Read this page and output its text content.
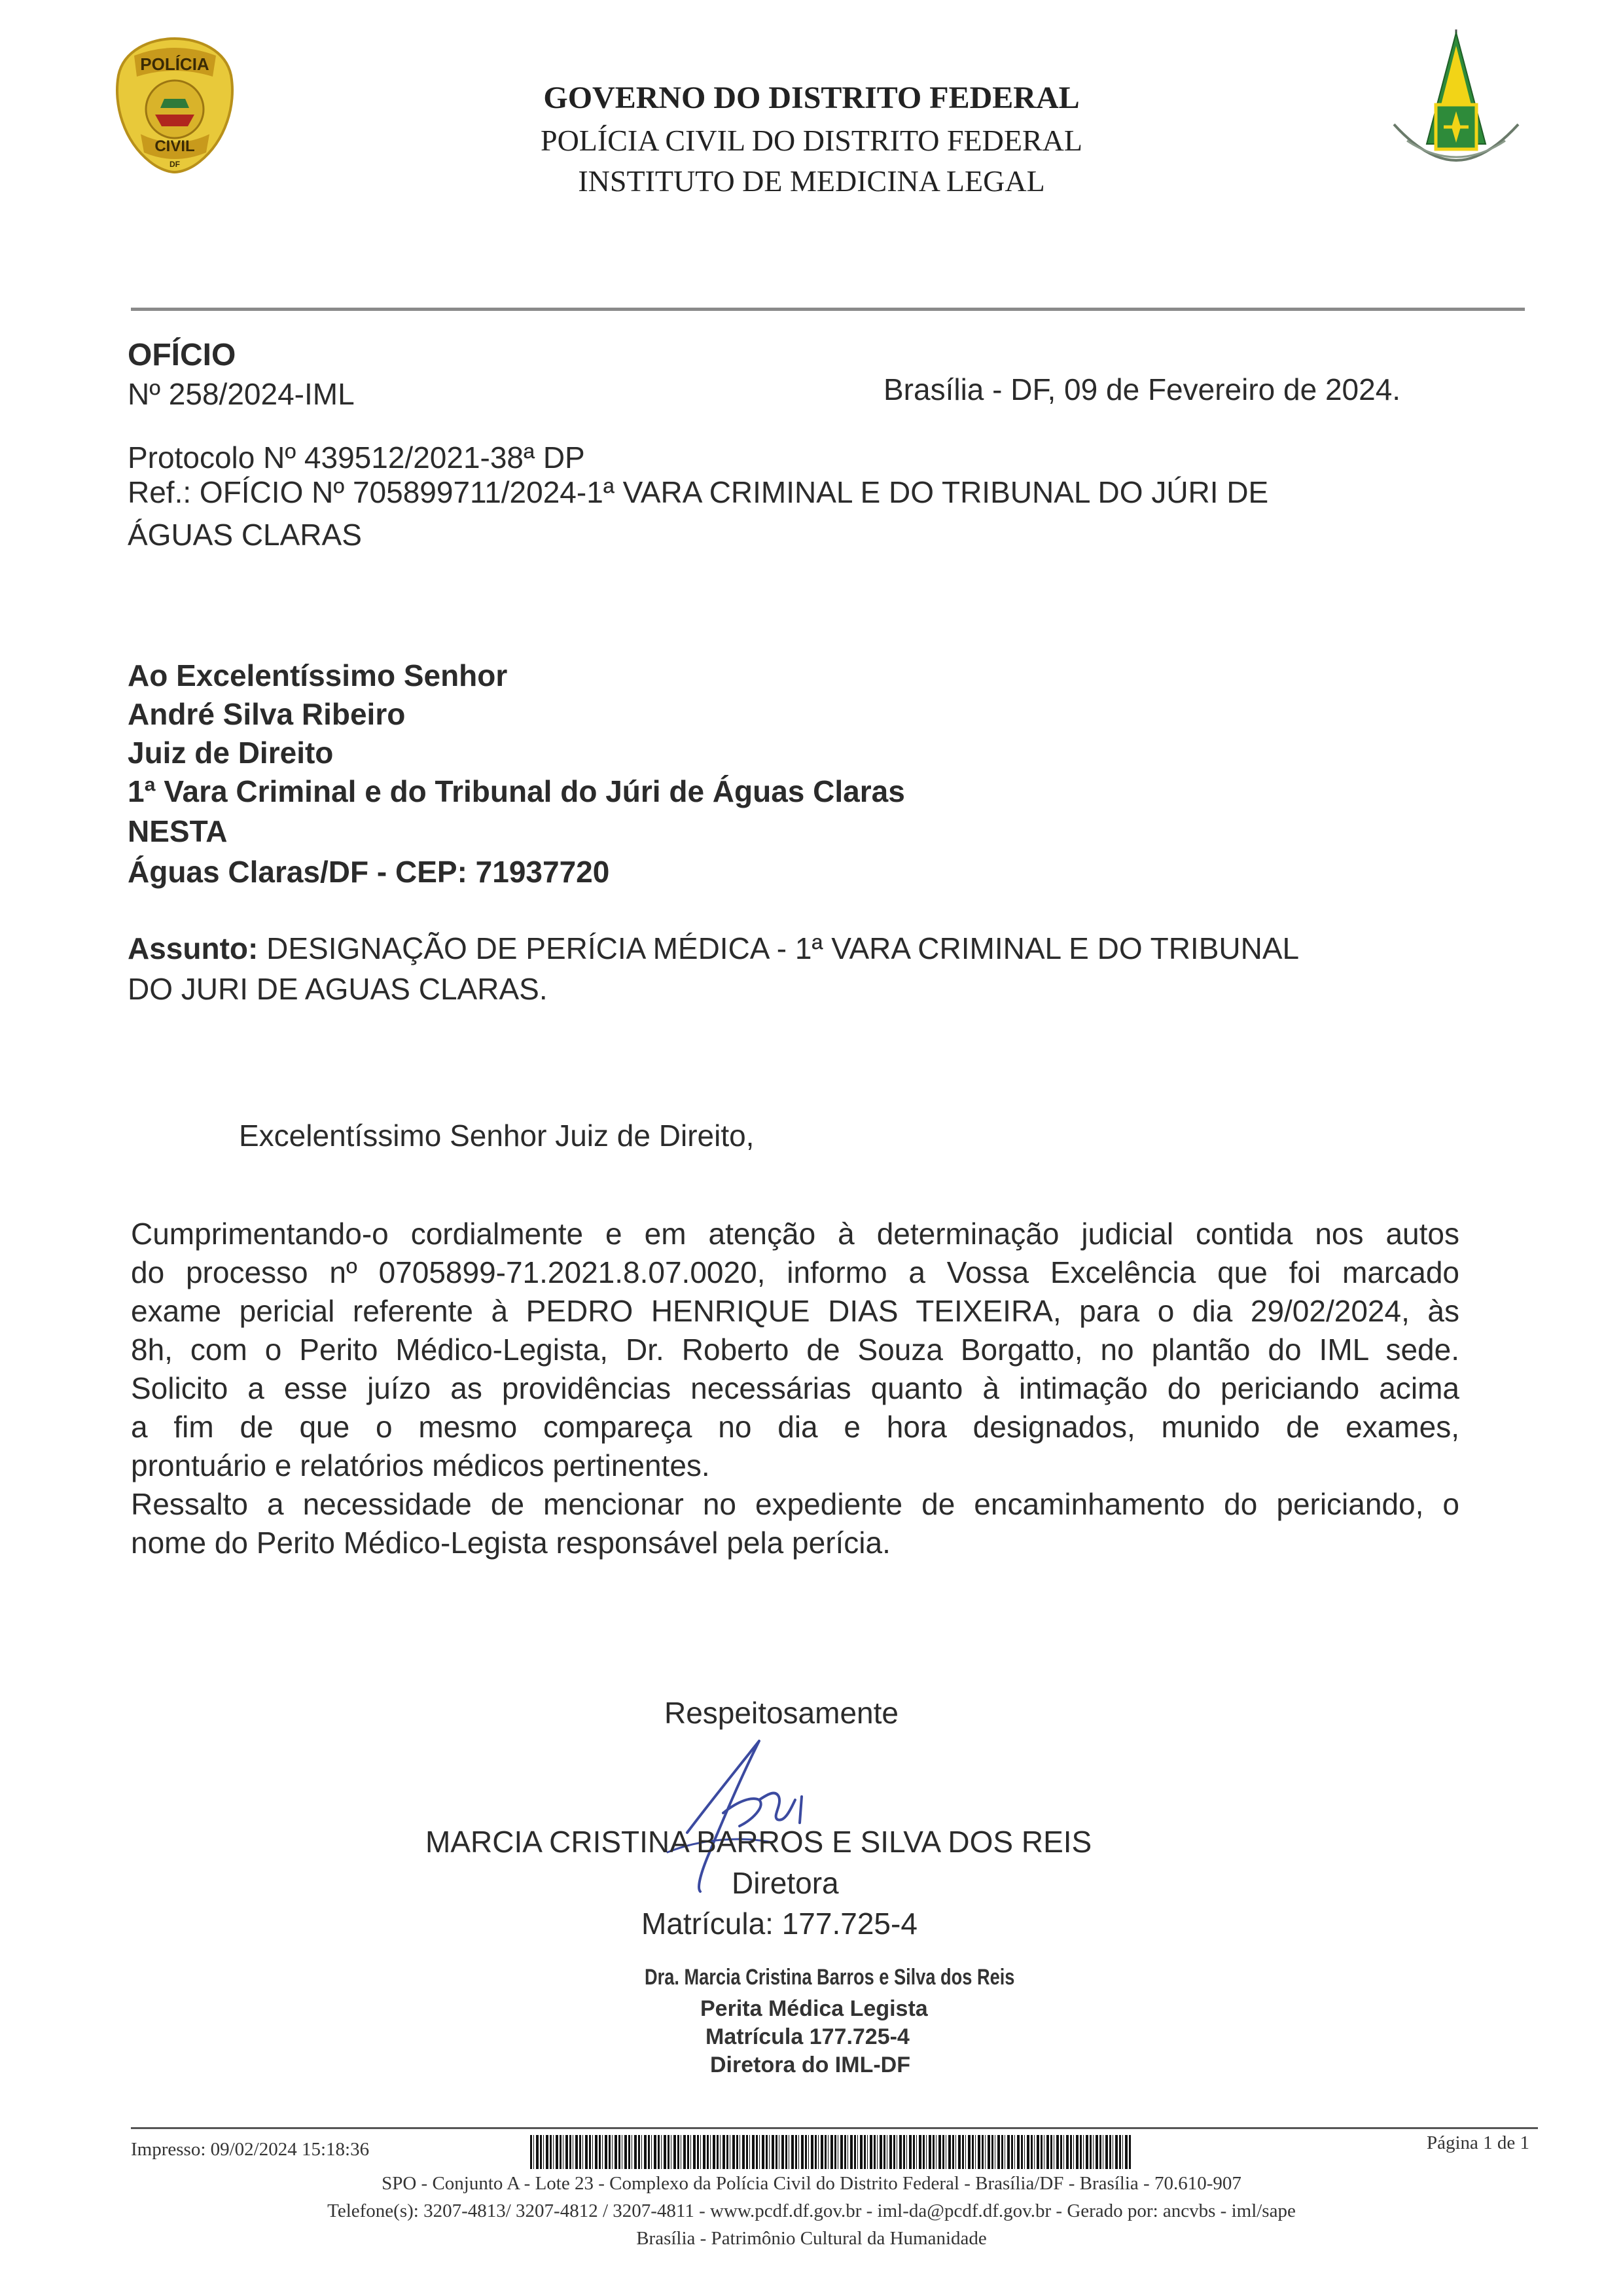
POLÍCIA
CIVIL
DF
GOVERNO DO DISTRITO FEDERAL
POLÍCIA CIVIL DO DISTRITO FEDERAL
INSTITUTO DE MEDICINA LEGAL
OFÍCIO
Nº 258/2024-IML	Brasília - DF, 09 de Fevereiro de 2024.
Protocolo Nº 439512/2021-38ª DP
Ref.: OFÍCIO Nº 705899711/2024-1ª VARA CRIMINAL E DO TRIBUNAL DO JÚRI DE
ÁGUAS CLARAS
Ao Excelentíssimo Senhor
André Silva Ribeiro
Juiz de Direito
1ª Vara Criminal e do Tribunal do Júri de Águas Claras
NESTA
Águas Claras/DF - CEP: 71937720
Assunto: DESIGNAÇÃO DE PERÍCIA MÉDICA - 1ª VARA CRIMINAL E DO TRIBUNAL
DO JURI DE AGUAS CLARAS.
Excelentíssimo Senhor Juiz de Direito,
Cumprimentando-o cordialmente e em atenção à determinação judicial contida nos autos
do processo nº 0705899-71.2021.8.07.0020, informo a Vossa Excelência que foi marcado
exame pericial referente à PEDRO HENRIQUE DIAS TEIXEIRA, para o dia 29/02/2024, às
8h, com o Perito Médico-Legista, Dr. Roberto de Souza Borgatto, no plantão do IML sede.
Solicito a esse juízo as providências necessárias quanto à intimação do periciando acima
a fim de que o mesmo compareça no dia e hora designados, munido de exames,
prontuário e relatórios médicos pertinentes.
Ressalto a necessidade de mencionar no expediente de encaminhamento do periciando, o
nome do Perito Médico-Legista responsável pela perícia.
Respeitosamente
MARCIA CRISTINA BARROS E SILVA DOS REIS
Diretora
Matrícula: 177.725-4
Dra. Marcia Cristina Barros e Silva dos Reis
Perita Médica Legista
Matrícula 177.725-4
Diretora do IML-DF
Impresso: 09/02/2024 15:18:36	Página 1 de 1
SPO - Conjunto A - Lote 23 - Complexo da Polícia Civil do Distrito Federal - Brasília/DF - Brasília - 70.610-907
Telefone(s): 3207-4813/ 3207-4812 / 3207-4811 - www.pcdf.df.gov.br - iml-da@pcdf.df.gov.br - Gerado por: ancvbs - iml/sape
Brasília - Patrimônio Cultural da Humanidade
